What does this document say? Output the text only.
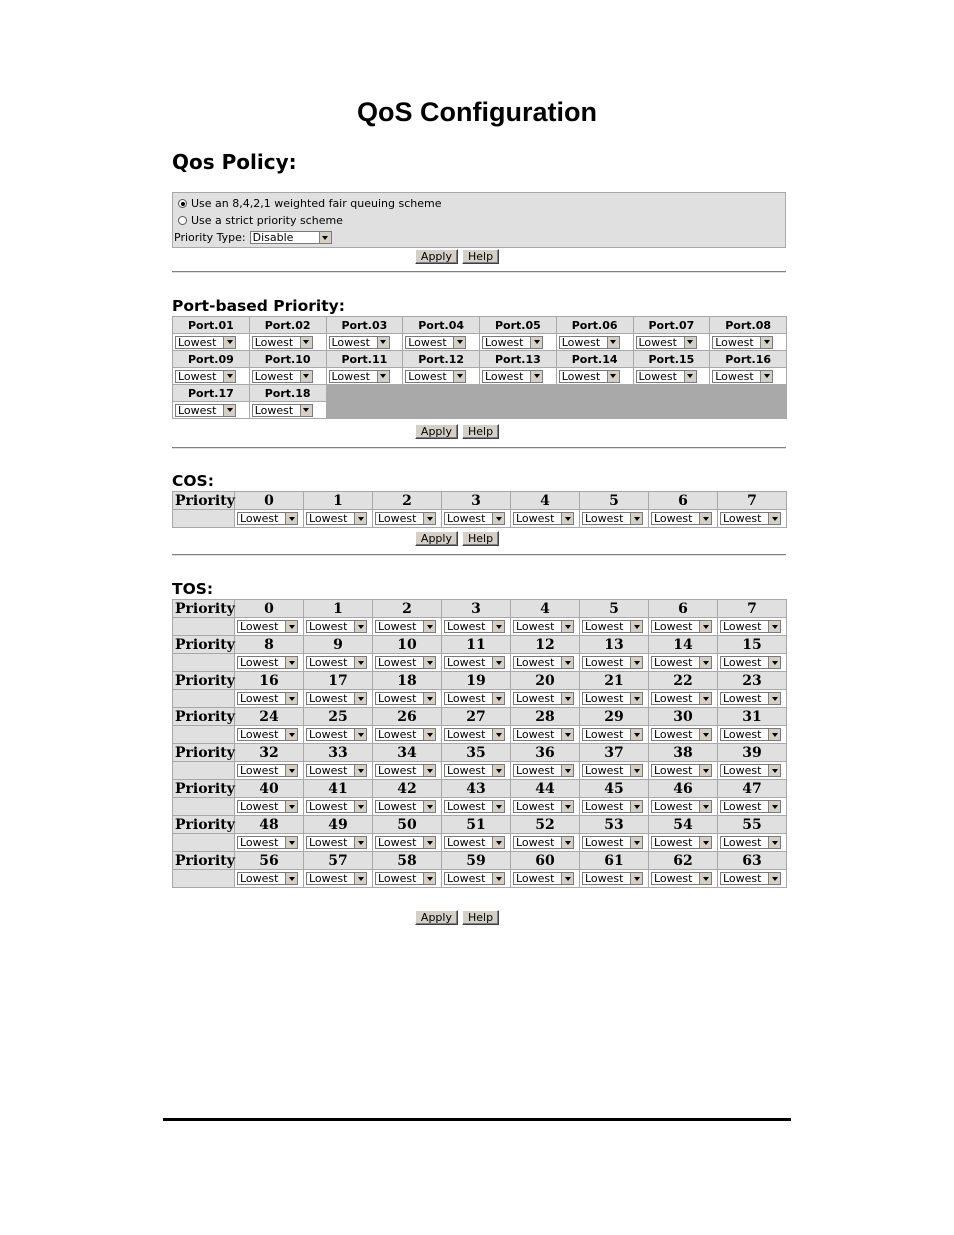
QoS Configuration
Qos Policy:
Use an 8,4,2,1 weighted fair queuing scheme
Use a strict priority scheme
Priority Type: Disable
Apply	Help
Port-based Priority:
Port.01	Port.02	Port.03	Port.04	Port.05	Port.06	Port.07	Port.08

Lowest	Lowest	Lowest	Lowest	Lowest	Lowest	Lowest	Lowest

Port.09	Port.10	Port.11	Port.12	Port.13	Port.14	Port.15	Port.16

Lowest	Lowest	Lowest	Lowest	Lowest	Lowest	Lowest	Lowest

Port.17	Port.18						

Lowest	Lowest						
Apply	Help
COS:
Priority	0	1	2	3	4	5	6	7

	Lowest	Lowest	Lowest	Lowest	Lowest	Lowest	Lowest	Lowest
Apply	Help
TOS:
Priority	0	1	2	3	4	5	6	7

	Lowest	Lowest	Lowest	Lowest	Lowest	Lowest	Lowest	Lowest

Priority	8	9	10	11	12	13	14	15

	Lowest	Lowest	Lowest	Lowest	Lowest	Lowest	Lowest	Lowest

Priority	16	17	18	19	20	21	22	23

	Lowest	Lowest	Lowest	Lowest	Lowest	Lowest	Lowest	Lowest

Priority	24	25	26	27	28	29	30	31

	Lowest	Lowest	Lowest	Lowest	Lowest	Lowest	Lowest	Lowest

Priority	32	33	34	35	36	37	38	39

	Lowest	Lowest	Lowest	Lowest	Lowest	Lowest	Lowest	Lowest

Priority	40	41	42	43	44	45	46	47

	Lowest	Lowest	Lowest	Lowest	Lowest	Lowest	Lowest	Lowest

Priority	48	49	50	51	52	53	54	55

	Lowest	Lowest	Lowest	Lowest	Lowest	Lowest	Lowest	Lowest

Priority	56	57	58	59	60	61	62	63

	Lowest	Lowest	Lowest	Lowest	Lowest	Lowest	Lowest	Lowest
Apply	Help
